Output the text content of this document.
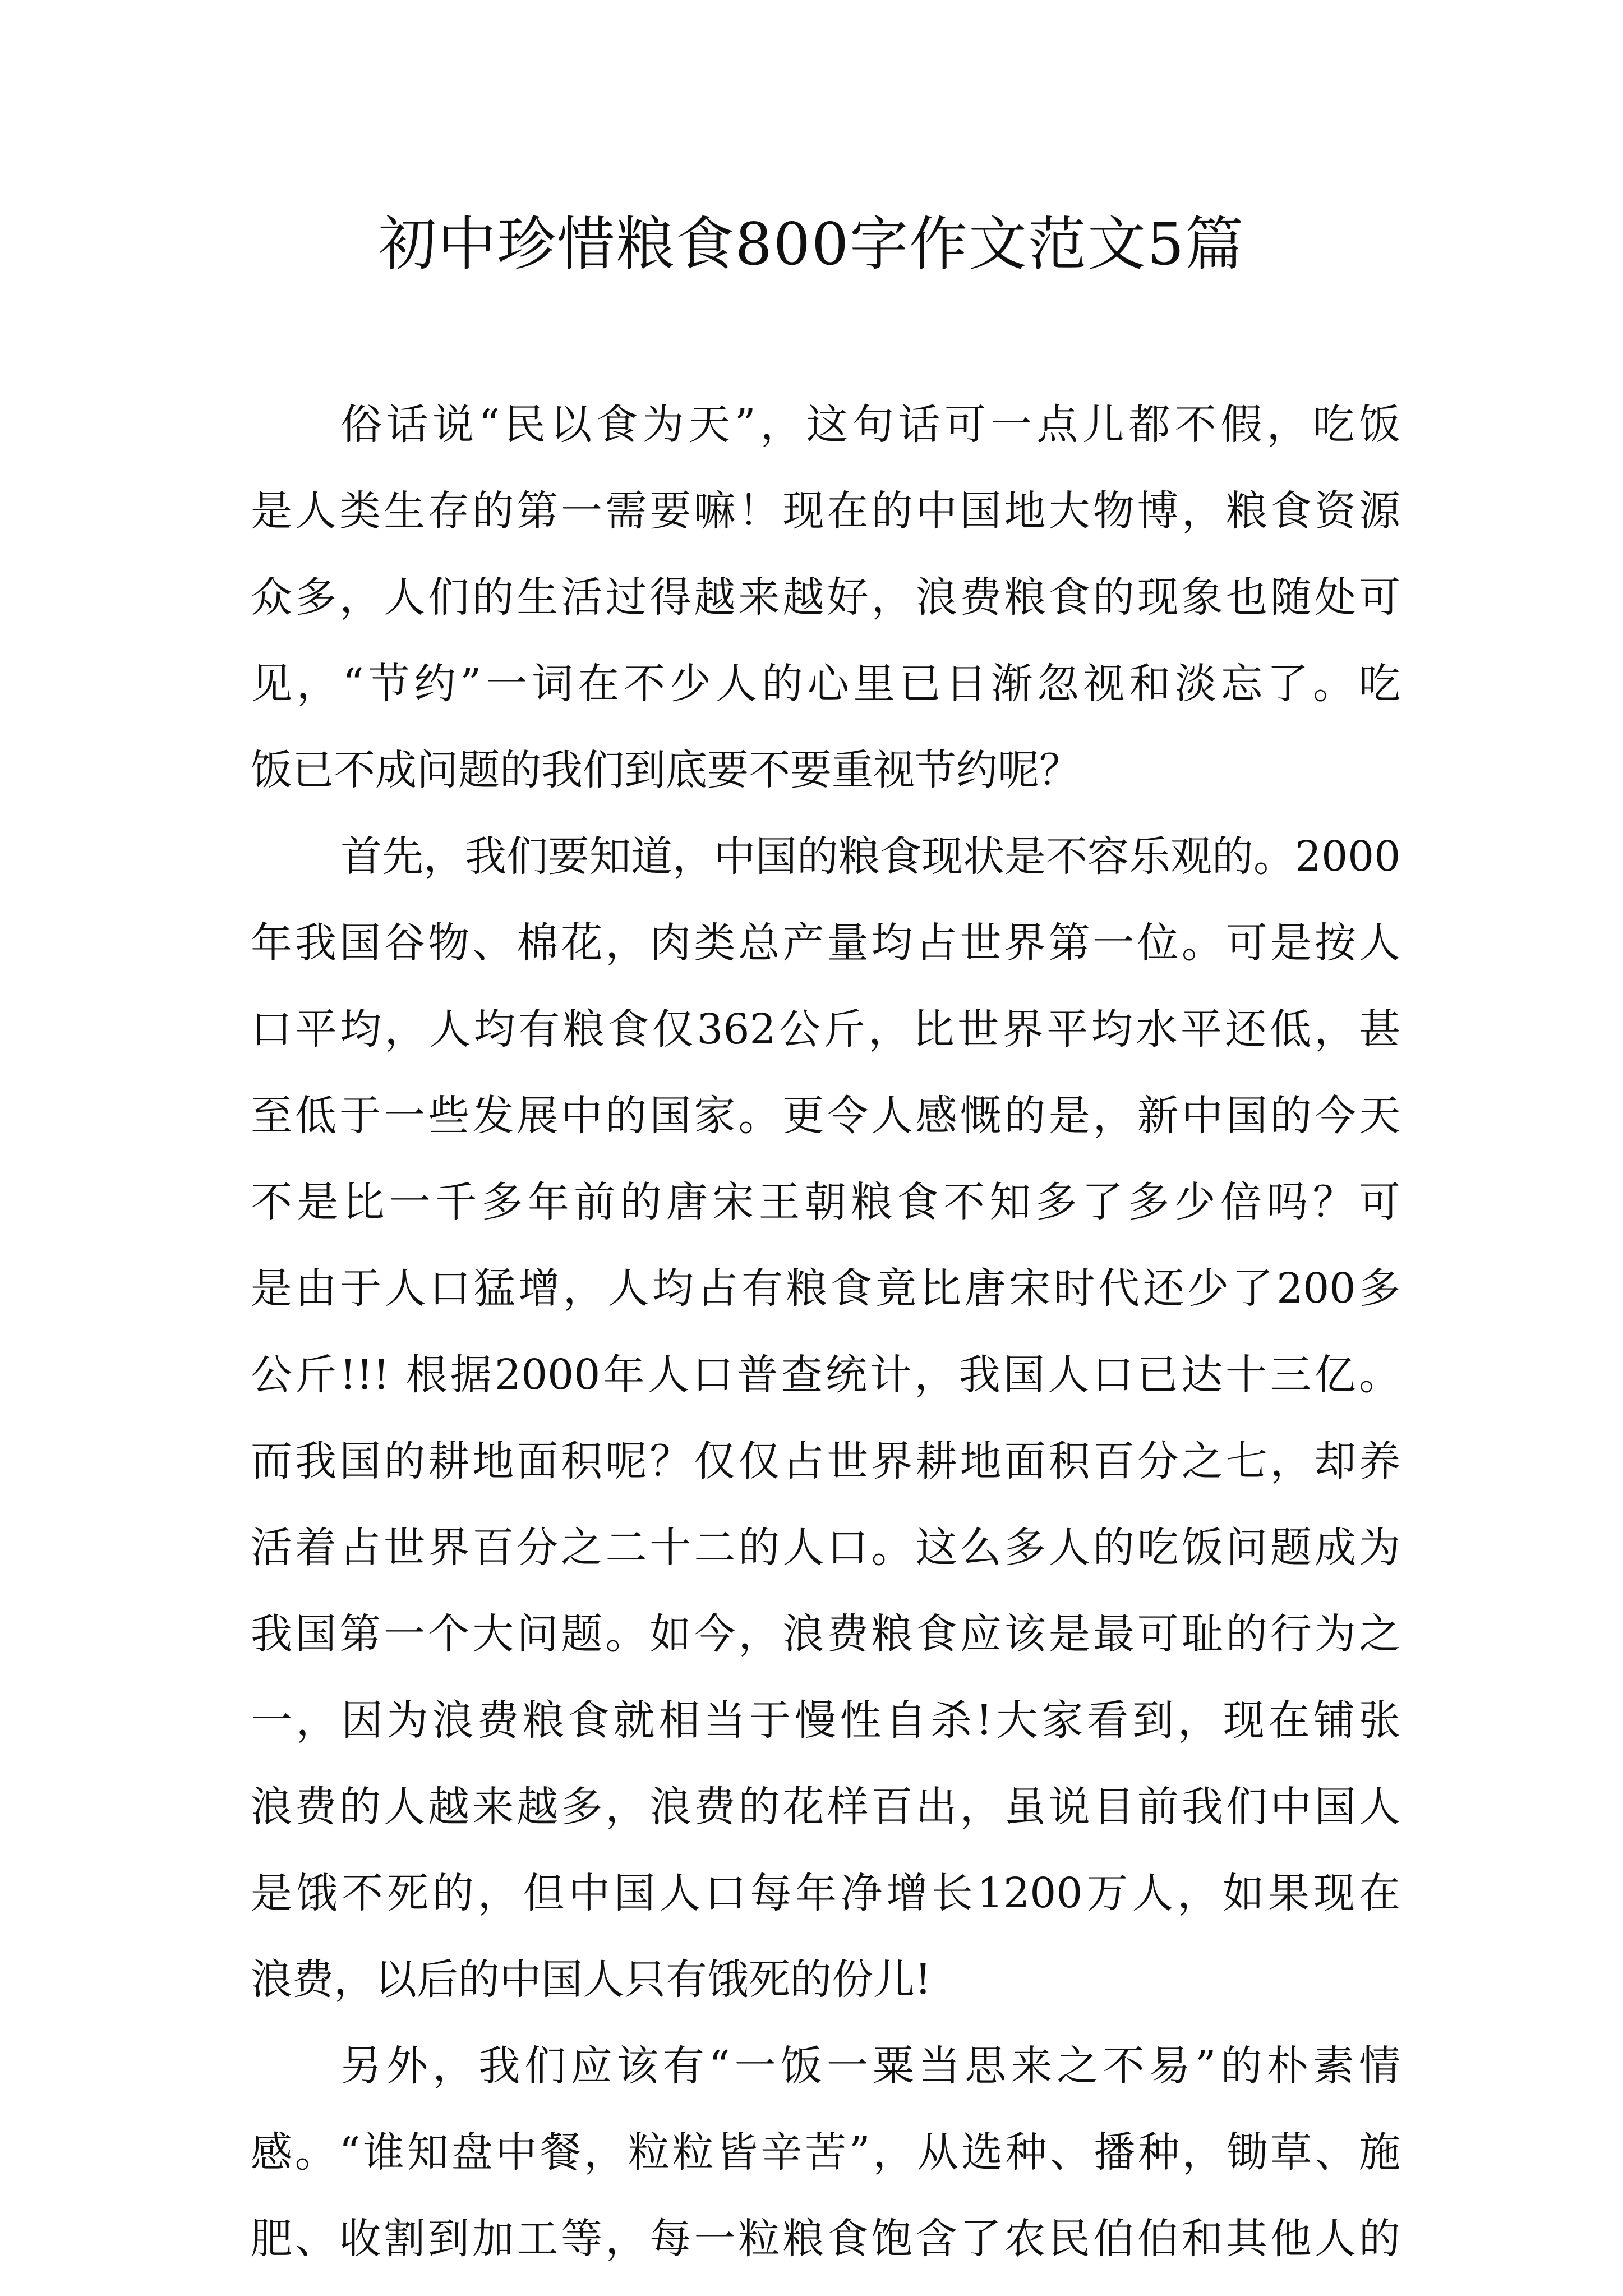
初中珍惜粮食800字作文范文5篇
俗话说“民以食为天”，这句话可一点儿都不假，吃饭
是人类生存的第一需要嘛！现在的中国地大物博，粮食资源
众多，人们的生活过得越来越好，浪费粮食的现象也随处可
见，“节约”一词在不少人的心里已日渐忽视和淡忘了。吃
饭已不成问题的我们到底要不要重视节约呢？
首先，我们要知道，中国的粮食现状是不容乐观的。2000
年我国谷物、棉花，肉类总产量均占世界第一位。可是按人
口平均，人均有粮食仅362公斤，比世界平均水平还低，甚
至低于一些发展中的国家。更令人感慨的是，新中国的今天
不是比一千多年前的唐宋王朝粮食不知多了多少倍吗？可
是由于人口猛增，人均占有粮食竟比唐宋时代还少了200多
公斤!!! 根据2000年人口普查统计，我国人口已达十三亿。
而我国的耕地面积呢？仅仅占世界耕地面积百分之七，却养
活着占世界百分之二十二的人口。这么多人的吃饭问题成为
我国第一个大问题。如今，浪费粮食应该是最可耻的行为之
一，因为浪费粮食就相当于慢性自杀!大家看到，现在铺张
浪费的人越来越多，浪费的花样百出，虽说目前我们中国人
是饿不死的，但中国人口每年净增长1200万人，如果现在
浪费，以后的中国人只有饿死的份儿!
另外，我们应该有“一饭一粟当思来之不易”的朴素情
感。“谁知盘中餐，粒粒皆辛苦”，从选种、播种，锄草、施
肥、收割到加工等，每一粒粮食饱含了农民伯伯和其他人的
